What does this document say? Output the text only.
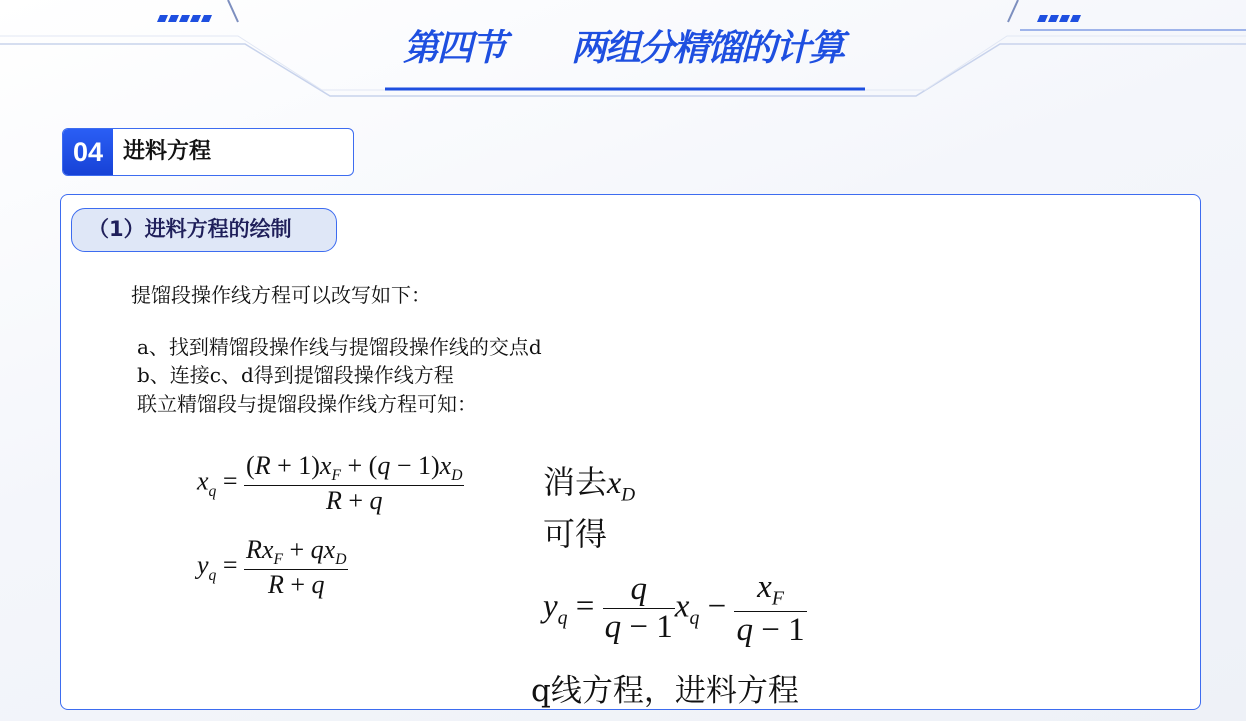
第四节 两组分精馏的计算
04 进料方程
（1）进料方程的绘制
提馏段操作线方程可以改写如下：
a、找到精馏段操作线与提馏段操作线的交点d
b、连接c、d得到提馏段操作线方程
联立精馏段与提馏段操作线方程可知：
$x_q = \frac{(R + 1)x_F + (q - 1)x_D}{R + q}$
$y_q = \frac{Rx_F + qx_D}{R + q}$
消去$x_D$
可得
$y_q = \frac{q}{q - 1} x_q - \frac{x_F}{q - 1}$
q线方程，进料方程
